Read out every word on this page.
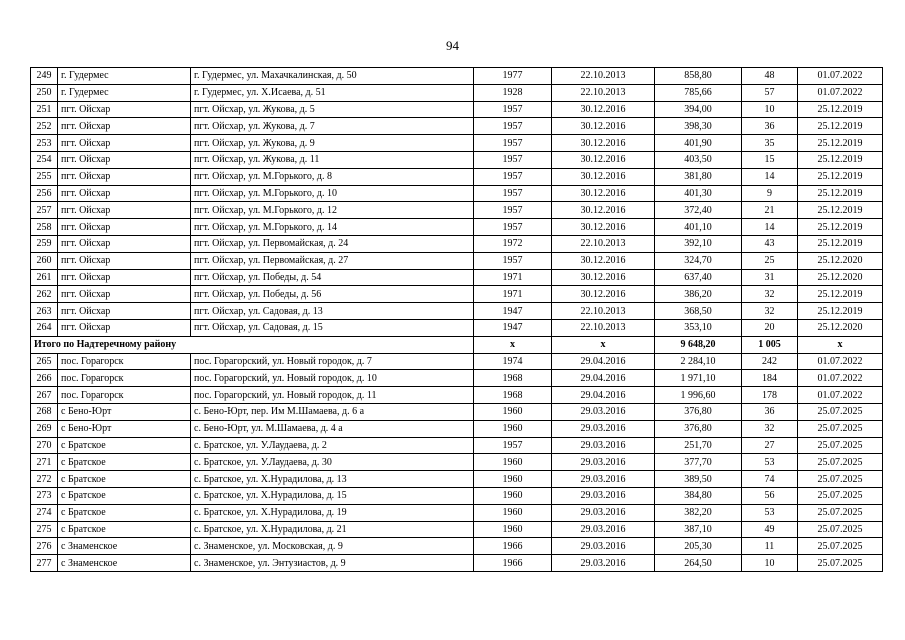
94
249	г. Гудермес	г. Гудермес, ул. Махачкалинская, д. 50	1977	22.10.2013	858,80	48	01.07.2022
250	г. Гудермес	г. Гудермес, ул. Х.Исаева, д. 51	1928	22.10.2013	785,66	57	01.07.2022
251	пгт. Ойсхар	пгт. Ойсхар, ул. Жукова, д. 5	1957	30.12.2016	394,00	10	25.12.2019
252	пгт. Ойсхар	пгт. Ойсхар, ул. Жукова, д. 7	1957	30.12.2016	398,30	36	25.12.2019
253	пгт. Ойсхар	пгт. Ойсхар, ул. Жукова, д. 9	1957	30.12.2016	401,90	35	25.12.2019
254	пгт. Ойсхар	пгт. Ойсхар, ул. Жукова, д. 11	1957	30.12.2016	403,50	15	25.12.2019
255	пгт. Ойсхар	пгт. Ойсхар, ул. М.Горького, д. 8	1957	30.12.2016	381,80	14	25.12.2019
256	пгт. Ойсхар	пгт. Ойсхар, ул. М.Горького, д. 10	1957	30.12.2016	401,30	9	25.12.2019
257	пгт. Ойсхар	пгт. Ойсхар, ул. М.Горького, д. 12	1957	30.12.2016	372,40	21	25.12.2019
258	пгт. Ойсхар	пгт. Ойсхар, ул. М.Горького, д. 14	1957	30.12.2016	401,10	14	25.12.2019
259	пгт. Ойсхар	пгт. Ойсхар, ул. Первомайская, д. 24	1972	22.10.2013	392,10	43	25.12.2019
260	пгт. Ойсхар	пгт. Ойсхар, ул. Первомайская, д. 27	1957	30.12.2016	324,70	25	25.12.2020
261	пгт. Ойсхар	пгт. Ойсхар, ул. Победы, д. 54	1971	30.12.2016	637,40	31	25.12.2020
262	пгт. Ойсхар	пгт. Ойсхар, ул. Победы, д. 56	1971	30.12.2016	386,20	32	25.12.2019
263	пгт. Ойсхар	пгт. Ойсхар, ул. Садовая, д. 13	1947	22.10.2013	368,50	32	25.12.2019
264	пгт. Ойсхар	пгт. Ойсхар, ул. Садовая, д. 15	1947	22.10.2013	353,10	20	25.12.2020
Итого по Надтеречному району			х	х	9 648,20	1 005	х
265	пос. Горагорск	пос. Горагорский, ул. Новый городок, д. 7	1974	29.04.2016	2 284,10	242	01.07.2022
266	пос. Горагорск	пос. Горагорский, ул. Новый городок, д. 10	1968	29.04.2016	1 971,10	184	01.07.2022
267	пос. Горагорск	пос. Горагорский, ул. Новый городок, д. 11	1968	29.04.2016	1 996,60	178	01.07.2022
268	с Бено-Юрт	с. Бено-Юрт, пер. Им М.Шамаева, д. 6 а	1960	29.03.2016	376,80	36	25.07.2025
269	с Бено-Юрт	с. Бено-Юрт, ул. М.Шамаева, д. 4 а	1960	29.03.2016	376,80	32	25.07.2025
270	с Братское	с. Братское, ул. У.Лаудаева, д. 2	1957	29.03.2016	251,70	27	25.07.2025
271	с Братское	с. Братское, ул. У.Лаудаева, д. 30	1960	29.03.2016	377,70	53	25.07.2025
272	с Братское	с. Братское, ул. Х.Нурадилова, д. 13	1960	29.03.2016	389,50	74	25.07.2025
273	с Братское	с. Братское, ул. Х.Нурадилова, д. 15	1960	29.03.2016	384,80	56	25.07.2025
274	с Братское	с. Братское, ул. Х.Нурадилова, д. 19	1960	29.03.2016	382,20	53	25.07.2025
275	с Братское	с. Братское, ул. Х.Нурадилова, д. 21	1960	29.03.2016	387,10	49	25.07.2025
276	с Знаменское	с. Знаменское, ул. Московская, д. 9	1966	29.03.2016	205,30	11	25.07.2025
277	с Знаменское	с. Знаменское, ул. Энтузиастов, д. 9	1966	29.03.2016	264,50	10	25.07.2025
